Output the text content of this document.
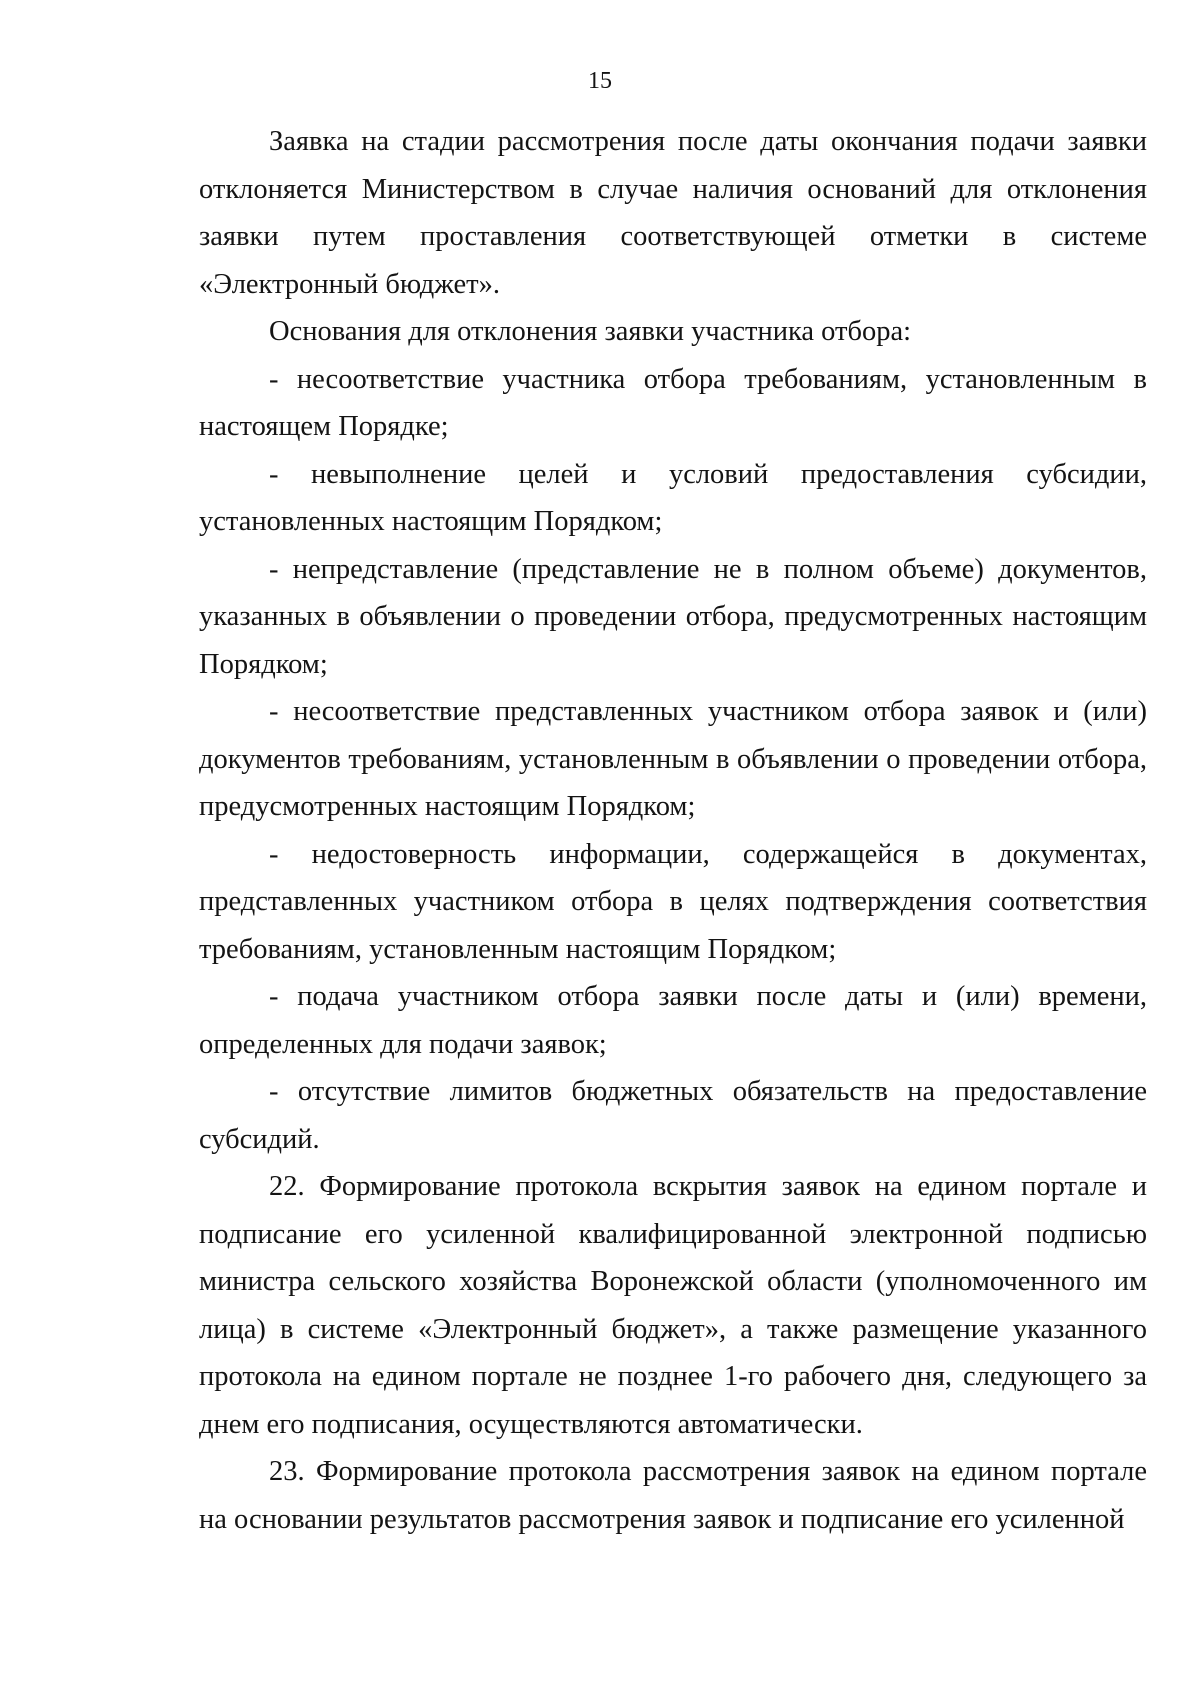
15

Заявка на стадии рассмотрения после даты окончания подачи заявки отклоняется Министерством в случае наличия оснований для отклонения заявки путем проставления соответствующей отметки в системе «Электронный бюджет».

Основания для отклонения заявки участника отбора:

- несоответствие участника отбора требованиям, установленным в настоящем Порядке;

- невыполнение целей и условий предоставления субсидии, установленных настоящим Порядком;

- непредставление (представление не в полном объеме) документов, указанных в объявлении о проведении отбора, предусмотренных настоящим Порядком;

- несоответствие представленных участником отбора заявок и (или) документов требованиям, установленным в объявлении о проведении отбора, предусмотренных настоящим Порядком;

- недостоверность информации, содержащейся в документах, представленных участником отбора в целях подтверждения соответствия требованиям, установленным настоящим Порядком;

- подача участником отбора заявки после даты и (или) времени, определенных для подачи заявок;

- отсутствие лимитов бюджетных обязательств на предоставление субсидий.

22. Формирование протокола вскрытия заявок на едином портале и подписание его усиленной квалифицированной электронной подписью министра сельского хозяйства Воронежской области (уполномоченного им лица) в системе «Электронный бюджет», а также размещение указанного протокола на едином портале не позднее 1-го рабочего дня, следующего за днем его подписания, осуществляются автоматически.

23. Формирование протокола рассмотрения заявок на едином портале на основании результатов рассмотрения заявок и подписание его усиленной
